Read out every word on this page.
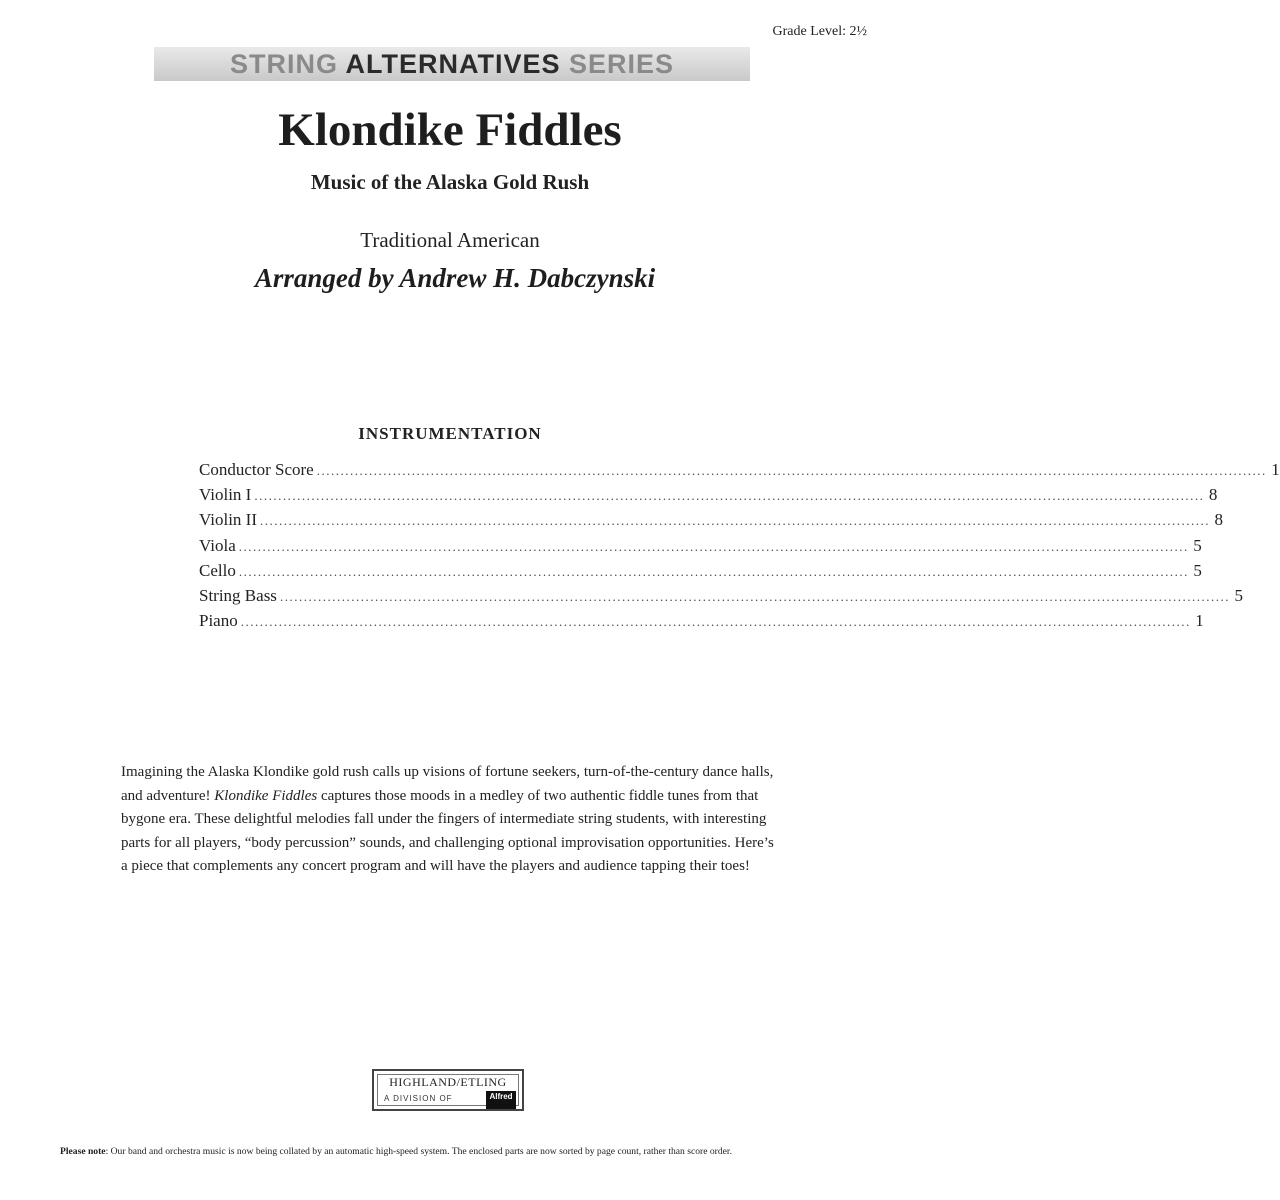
Grade Level: 2½
STRING ALTERNATIVES SERIES
Klondike Fiddles
Music of the Alaska Gold Rush
Traditional American
Arranged by Andrew H. Dabczynski
INSTRUMENTATION
Conductor Score ........................................................................................................................................................................................................ 1
Violin I ........................................................................................................................................................................................................ 8
Violin II ........................................................................................................................................................................................................ 8
Viola ........................................................................................................................................................................................................ 5
Cello ........................................................................................................................................................................................................ 5
String Bass ........................................................................................................................................................................................................ 5
Piano ........................................................................................................................................................................................................ 1

Imagining the Alaska Klondike gold rush calls up visions of fortune seekers, turn-of-the-century dance halls, and adventure! Klondike Fiddles captures those moods in a medley of two authentic fiddle tunes from that bygone era. These delightful melodies fall under the fingers of intermediate string students, with interesting parts for all players, “body percussion” sounds, and challenging optional improvisation opportunities. Here’s a piece that complements any concert program and will have the players and audience tapping their toes!

HIGHLAND/ETLING
A DIVISION OF	Alfred
Please note: Our band and orchestra music is now being collated by an automatic high-speed system. The enclosed parts are now sorted by page count, rather than score order.
